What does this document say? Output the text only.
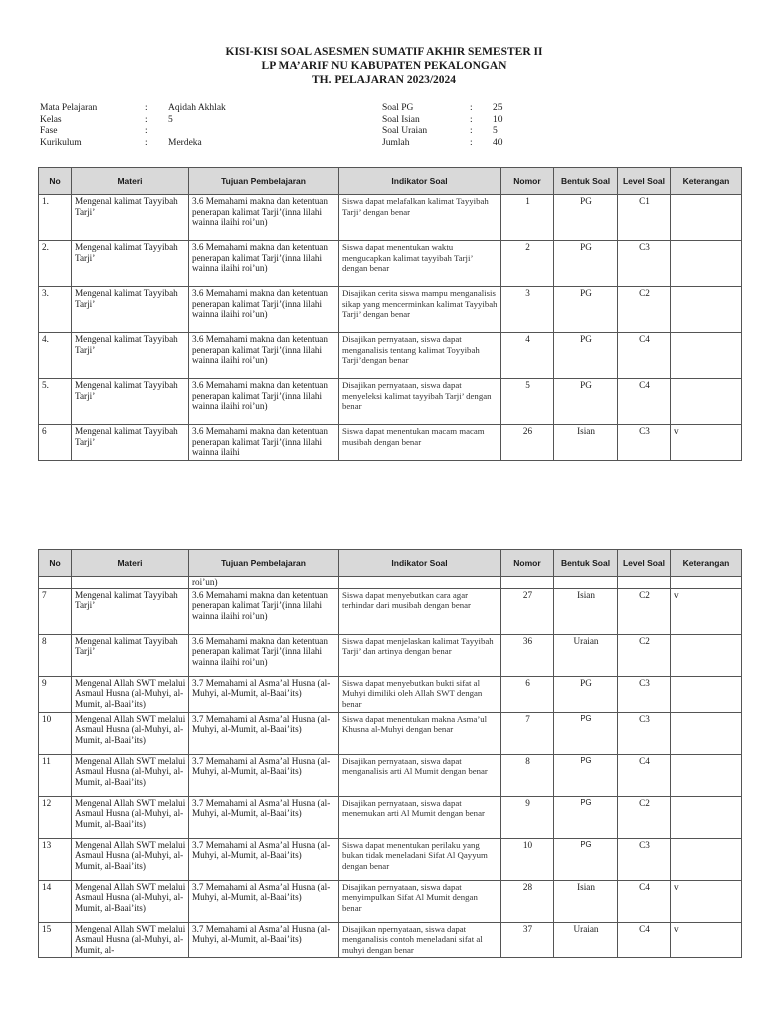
KISI-KISI SOAL ASESMEN SUMATIF AKHIR SEMESTER II
LP MA’ARIF NU KABUPATEN PEKALONGAN
TH. PELAJARAN 2023/2024
Mata Pelajaran	:	Aqidah Akhlak
Kelas	:	5
Fase	:
Kurikulum	:	Merdeka
Soal PG	:	25
Soal Isian	:	10
Soal Uraian	:	5
Jumlah	:	40
No	Materi	Tujuan Pembelajaran	Indikator Soal	Nomor	Bentuk Soal	Level Soal	Keterangan
1.	Mengenal kalimat Tayyibah Tarji’	3.6 Memahami makna dan ketentuan penerapan kalimat Tarji’(inna lilahi wainna ilaihi roi’un)	Siswa dapat melafalkan kalimat Tayyibah Tarji’ dengan benar	1	PG	C1	
2.	Mengenal kalimat Tayyibah Tarji’	3.6 Memahami makna dan ketentuan penerapan kalimat Tarji’(inna lilahi wainna ilaihi roi’un)	Siswa dapat menentukan waktu mengucapkan kalimat tayyibah Tarji’ dengan benar	2	PG	C3	
3.	Mengenal kalimat Tayyibah Tarji’	3.6 Memahami makna dan ketentuan penerapan kalimat Tarji’(inna lilahi wainna ilaihi roi’un)	Disajikan cerita siswa mampu menganalisis sikap yang mencerminkan kalimat Tayyibah Tarji’ dengan benar	3	PG	C2	
4.	Mengenal kalimat Tayyibah Tarji’	3.6 Memahami makna dan ketentuan penerapan kalimat Tarji’(inna lilahi wainna ilaihi roi’un)	Disajikan pernyataan, siswa dapat menganalisis tentang kalimat Toyyibah Tarji’dengan benar	4	PG	C4	
5.	Mengenal kalimat Tayyibah Tarji’	3.6 Memahami makna dan ketentuan penerapan kalimat Tarji’(inna lilahi wainna ilaihi roi’un)	Disajikan pernyataan, siswa dapat menyeleksi kalimat tayyibah Tarji’ dengan benar	5	PG	C4	
6	Mengenal kalimat Tayyibah Tarji’	3.6 Memahami makna dan ketentuan penerapan kalimat Tarji’(inna lilahi wainna ilaihi	Siswa dapat menentukan macam macam musibah dengan benar	26	Isian	C3	v
No	Materi	Tujuan Pembelajaran	Indikator Soal	Nomor	Bentuk Soal	Level Soal	Keterangan
		roi’un)					
7	Mengenal kalimat Tayyibah Tarji’	3.6 Memahami makna dan ketentuan penerapan kalimat Tarji’(inna lilahi wainna ilaihi roi’un)	Siswa dapat menyebutkan cara agar terhindar dari musibah dengan benar	27	Isian	C2	v
8	Mengenal kalimat Tayyibah Tarji’	3.6 Memahami makna dan ketentuan penerapan kalimat Tarji’(inna lilahi wainna ilaihi roi’un)	Siswa dapat menjelaskan kalimat Tayyibah Tarji’ dan artinya dengan benar	36	Uraian	C2	
9	Mengenal Allah SWT melalui Asmaul Husna (al-Muhyi, al-Mumit, al-Baai’its)	3.7 Memahami al Asma’al Husna (al-Muhyi, al-Mumit, al-Baai’its)	Siswa dapat menyebutkan bukti sifat al Muhyi dimiliki oleh Allah SWT dengan benar	6	PG	C3	
10	Mengenal Allah SWT melalui Asmaul Husna (al-Muhyi, al-Mumit, al-Baai’its)	3.7 Memahami al Asma’al Husna (al-Muhyi, al-Mumit, al-Baai’its)	Siswa dapat menentukan makna Asma’ul Khusna al-Muhyi dengan benar	7	PG	C3	
11	Mengenal Allah SWT melalui Asmaul Husna (al-Muhyi, al-Mumit, al-Baai’its)	3.7 Memahami al Asma’al Husna (al-Muhyi, al-Mumit, al-Baai’its)	Disajikan pernyataan, siswa dapat menganalisis arti Al Mumit dengan benar	8	PG	C4	
12	Mengenal Allah SWT melalui Asmaul Husna (al-Muhyi, al-Mumit, al-Baai’its)	3.7 Memahami al Asma’al Husna (al-Muhyi, al-Mumit, al-Baai’its)	Disajikan pernyataan, siswa dapat menemukan arti Al Mumit dengan benar	9	PG	C2	
13	Mengenal Allah SWT melalui Asmaul Husna (al-Muhyi, al-Mumit, al-Baai’its)	3.7 Memahami al Asma’al Husna (al-Muhyi, al-Mumit, al-Baai’its)	Siswa dapat menentukan perilaku yang bukan tidak meneladani Sifat Al Qayyum dengan benar	10	PG	C3	
14	Mengenal Allah SWT melalui Asmaul Husna (al-Muhyi, al-Mumit, al-Baai’its)	3.7 Memahami al Asma’al Husna (al-Muhyi, al-Mumit, al-Baai’its)	Disajikan pernyataan, siswa dapat menyimpulkan Sifat Al Mumit dengan benar	28	Isian	C4	v
15	Mengenal Allah SWT melalui Asmaul Husna (al-Muhyi, al-Mumit, al-	3.7 Memahami al Asma’al Husna (al-Muhyi, al-Mumit, al-Baai’its)	Disajikan npernyataan, siswa dapat menganalisis contoh meneladani sifat al muhyi dengan benar	37	Uraian	C4	v
